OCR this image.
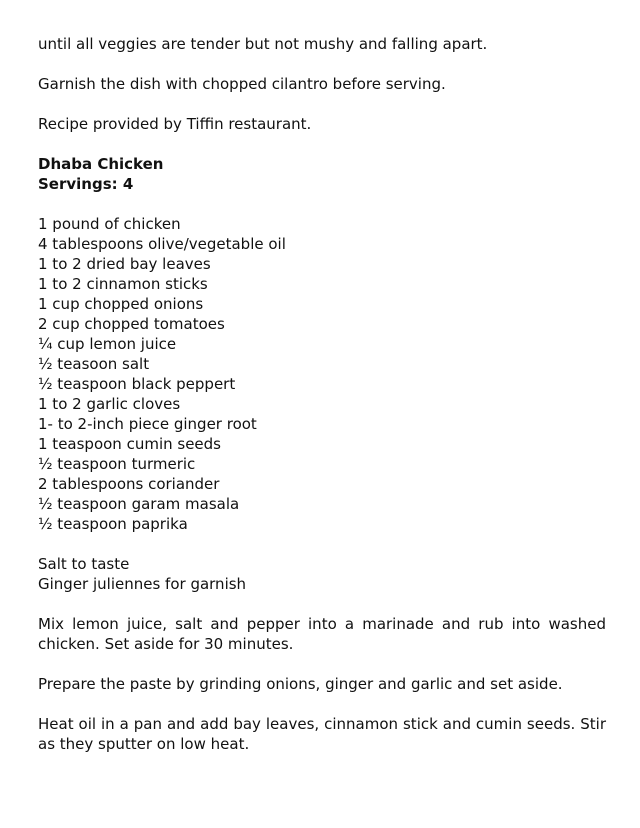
until all veggies are tender but not mushy and falling apart.

Garnish the dish with chopped cilantro before serving.

Recipe provided by Tiffin restaurant.

Dhaba Chicken

Servings: 4

1 pound of chicken

4 tablespoons olive/vegetable oil

1 to 2 dried bay leaves

1 to 2 cinnamon sticks

1 cup chopped onions

2 cup chopped tomatoes

¼ cup lemon juice

½ teasoon salt

½ teaspoon black peppert

1 to 2 garlic cloves

1- to 2-inch piece ginger root

1 teaspoon cumin seeds

½ teaspoon turmeric

2 tablespoons coriander

½ teaspoon garam masala

½ teaspoon paprika

Salt to taste

Ginger juliennes for garnish

Mix lemon juice, salt and pepper into a marinade and rub into washed chicken. Set aside for 30 minutes.

Prepare the paste by grinding onions, ginger and garlic and set aside.

Heat oil in a pan and add bay leaves, cinnamon stick and cumin seeds. Stir as they sputter on low heat.
